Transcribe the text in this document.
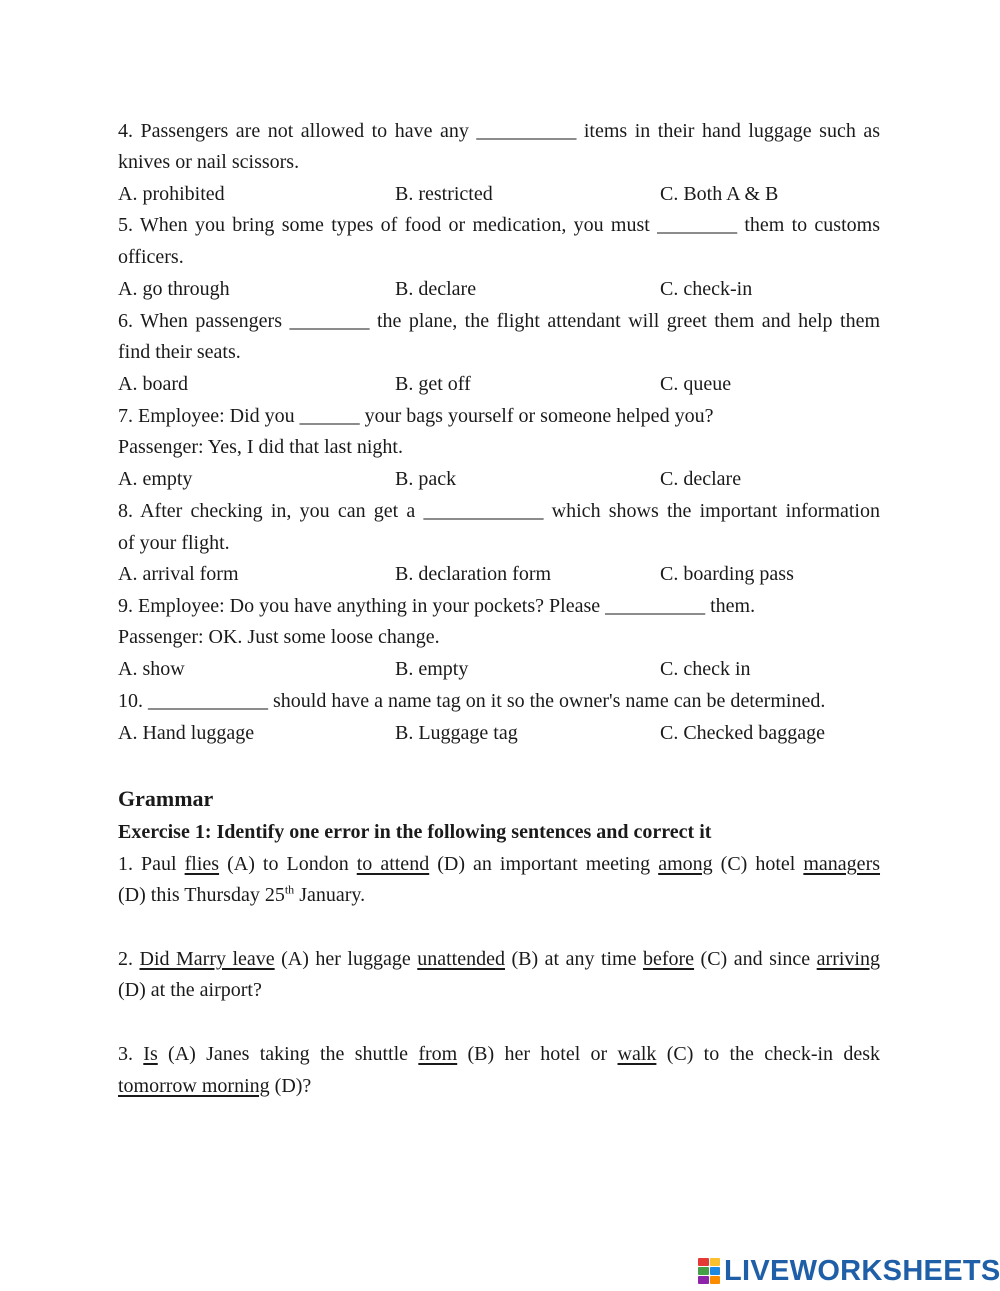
4. Passengers are not allowed to have any __________ items in their hand luggage such as
knives or nail scissors.
A. prohibited	B. restricted	C. Both A & B
5. When you bring some types of food or medication, you must ________ them to customs
officers.
A. go through	B. declare	C. check-in
6. When passengers ________ the plane, the flight attendant will greet them and help them
find their seats.
A. board	B. get off	C. queue
7. Employee: Did you ______ your bags yourself or someone helped you?
Passenger: Yes, I did that last night.
A. empty	B. pack	C. declare
8. After checking in, you can get a ____________ which shows the important information
of your flight.
A. arrival form	B. declaration form	C. boarding pass
9. Employee: Do you have anything in your pockets? Please __________ them.
Passenger: OK. Just some loose change.
A. show	B. empty	C. check in
10. ____________ should have a name tag on it so the owner's name can be determined.
A. Hand luggage	B. Luggage tag	C. Checked baggage
Grammar
Exercise 1: Identify one error in the following sentences and correct it
1. Paul flies (A) to London to attend (D) an important meeting among (C) hotel managers
(D) this Thursday 25th January.
2. Did Marry leave (A) her luggage unattended (B) at any time before (C) and since arriving
(D) at the airport?
3. Is (A) Janes taking the shuttle from (B) her hotel or walk (C) to the check-in desk
tomorrow morning (D)?
LIVEWORKSHEETS
